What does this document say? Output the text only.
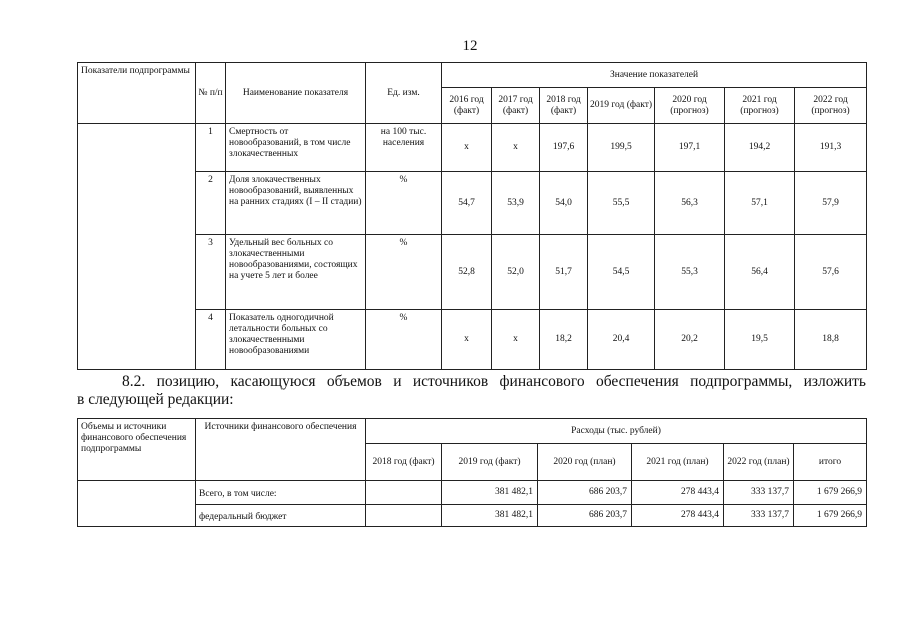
12
Показатели подпрограммы	№ п/п	Наименование показателя	Ед. изм.	Значение показателей						
				2016 год (факт)	2017 год (факт)	2018 год (факт)	2019 год (факт)	2020 год (прогноз)	2021 год (прогноз)	2022 год (прогноз)
	1	Смертность от новообразований, в том числе злокачественных	на 100 тыс. населения	х	х	197,6	199,5	197,1	194,2	191,3
	2	Доля злокачественных новообразований, выявленных на ранних стадиях (I – II стадии)	%	54,7	53,9	54,0	55,5	56,3	57,1	57,9
	3	Удельный вес больных со злокачественными новообразованиями, состоящих на учете 5 лет и более	%	52,8	52,0	51,7	54,5	55,3	56,4	57,6
	4	Показатель одногодичной летальности больных со злокачественными новообразованиями	%	х	х	18,2	20,4	20,2	19,5	18,8
8.2. позицию, касающуюся объемов и источников финансового обеспечения подпрограммы, изложить
в следующей редакции:
Объемы и источники финансового обеспечения подпрограммы	Источники финансового обеспечения	Расходы (тыс. рублей)					
		2018 год (факт)	2019 год (факт)	2020 год (план)	2021 год (план)	2022 год (план)	итого
	Всего, в том числе:		381 482,1	686 203,7	278 443,4	333 137,7	1 679 266,9
	федеральный бюджет		381 482,1	686 203,7	278 443,4	333 137,7	1 679 266,9
